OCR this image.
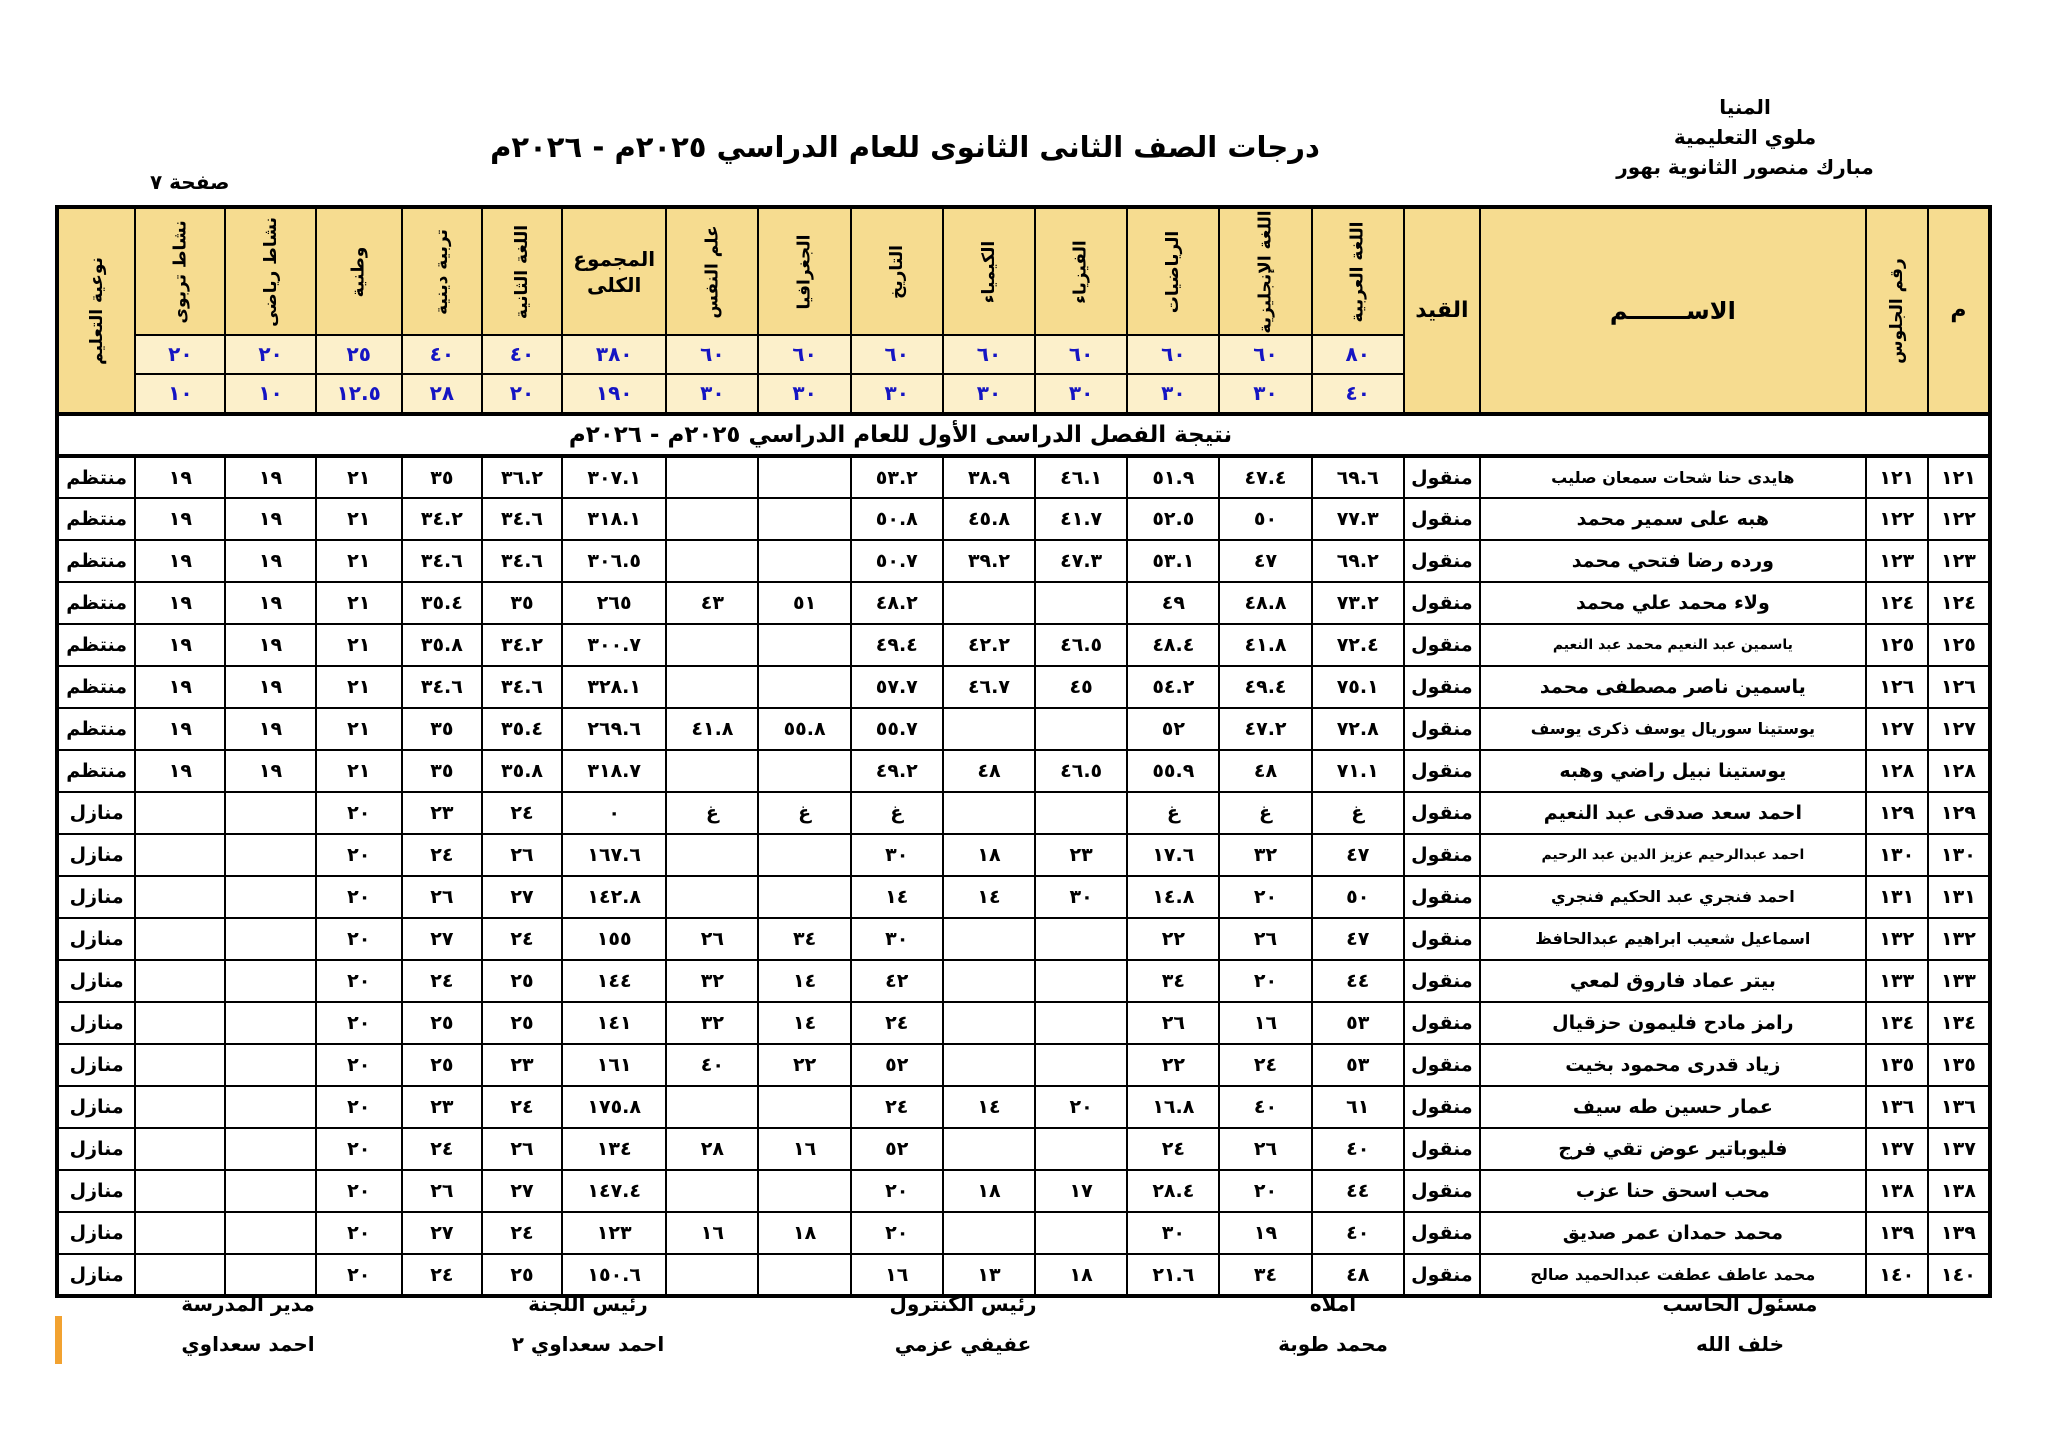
المنيا
ملوي التعليمية
مبارك منصور الثانوية بهور
درجات الصف الثانى الثانوى للعام الدراسي ٢٠٢٥م - ٢٠٢٦م
صفحة ٧
م	رقم الجلوس	الاســـــــم	القيد	اللغة العربية	اللغة الإنجليزية	الرياضيات	الفيزياء	الكيمياء	التاريخ	الجغرافيا	علم النفس	المجموع الكلى	اللغة الثانية	تربية دينية	وطنية	نشاط رياضى	نشاط تربوى	نوعية التعليم

				٨٠	٦٠	٦٠	٦٠	٦٠	٦٠	٦٠	٦٠	٣٨٠	٤٠	٤٠	٢٥	٢٠	٢٠	
				٤٠	٣٠	٣٠	٣٠	٣٠	٣٠	٣٠	٣٠	١٩٠	٢٠	٢٨	١٢.٥	١٠	١٠	
نتيجة الفصل الدراسى الأول للعام الدراسي ٢٠٢٥م - ٢٠٢٦م																		
١٢١	١٢١	هايدى حنا شحات سمعان صليب	منقول	٦٩.٦	٤٧.٤	٥١.٩	٤٦.١	٣٨.٩	٥٣.٢			٣٠٧.١	٣٦.٢	٣٥	٢١	١٩	١٩	منتظم
١٢٢	١٢٢	هبه على سمير محمد	منقول	٧٧.٣	٥٠	٥٢.٥	٤١.٧	٤٥.٨	٥٠.٨			٣١٨.١	٣٤.٦	٣٤.٢	٢١	١٩	١٩	منتظم
١٢٣	١٢٣	ورده رضا فتحي محمد	منقول	٦٩.٢	٤٧	٥٣.١	٤٧.٣	٣٩.٢	٥٠.٧			٣٠٦.٥	٣٤.٦	٣٤.٦	٢١	١٩	١٩	منتظم
١٢٤	١٢٤	ولاء محمد علي محمد	منقول	٧٣.٢	٤٨.٨	٤٩			٤٨.٢	٥١	٤٣	٢٦٥	٣٥	٣٥.٤	٢١	١٩	١٩	منتظم
١٢٥	١٢٥	ياسمين عبد النعيم محمد عبد النعيم	منقول	٧٢.٤	٤١.٨	٤٨.٤	٤٦.٥	٤٢.٢	٤٩.٤			٣٠٠.٧	٣٤.٢	٣٥.٨	٢١	١٩	١٩	منتظم
١٢٦	١٢٦	ياسمين ناصر مصطفى محمد	منقول	٧٥.١	٤٩.٤	٥٤.٢	٤٥	٤٦.٧	٥٧.٧			٣٢٨.١	٣٤.٦	٣٤.٦	٢١	١٩	١٩	منتظم
١٢٧	١٢٧	يوستينا سوريال يوسف ذكرى يوسف	منقول	٧٢.٨	٤٧.٢	٥٢			٥٥.٧	٥٥.٨	٤١.٨	٢٦٩.٦	٣٥.٤	٣٥	٢١	١٩	١٩	منتظم
١٢٨	١٢٨	يوستينا نبيل راضي وهبه	منقول	٧١.١	٤٨	٥٥.٩	٤٦.٥	٤٨	٤٩.٢			٣١٨.٧	٣٥.٨	٣٥	٢١	١٩	١٩	منتظم
١٢٩	١٢٩	احمد سعد صدقى عبد النعيم	منقول	غ	غ	غ			غ	غ	غ	٠	٢٤	٢٣	٢٠			منازل
١٣٠	١٣٠	احمد عبدالرحيم عزيز الدين عبد الرحيم	منقول	٤٧	٣٢	١٧.٦	٢٣	١٨	٣٠			١٦٧.٦	٢٦	٢٤	٢٠			منازل
١٣١	١٣١	احمد فنجري عبد الحكيم فنجري	منقول	٥٠	٢٠	١٤.٨	٣٠	١٤	١٤			١٤٢.٨	٢٧	٢٦	٢٠			منازل
١٣٢	١٣٢	اسماعيل شعيب ابراهيم عبدالحافظ	منقول	٤٧	٢٦	٢٢			٣٠	٣٤	٢٦	١٥٥	٢٤	٢٧	٢٠			منازل
١٣٣	١٣٣	بيتر عماد فاروق لمعي	منقول	٤٤	٢٠	٣٤			٤٢	١٤	٣٢	١٤٤	٢٥	٢٤	٢٠			منازل
١٣٤	١٣٤	رامز مادح فليمون حزقيال	منقول	٥٣	١٦	٢٦			٢٤	١٤	٣٢	١٤١	٢٥	٢٥	٢٠			منازل
١٣٥	١٣٥	زياد قدرى محمود بخيت	منقول	٥٣	٢٤	٢٢			٥٢	٢٢	٤٠	١٦١	٢٣	٢٥	٢٠			منازل
١٣٦	١٣٦	عمار حسين طه سيف	منقول	٦١	٤٠	١٦.٨	٢٠	١٤	٢٤			١٧٥.٨	٢٤	٢٣	٢٠			منازل
١٣٧	١٣٧	فليوباتير عوض تقي فرج	منقول	٤٠	٢٦	٢٤			٥٢	١٦	٢٨	١٣٤	٢٦	٢٤	٢٠			منازل
١٣٨	١٣٨	محب اسحق حنا عزب	منقول	٤٤	٢٠	٢٨.٤	١٧	١٨	٢٠			١٤٧.٤	٢٧	٢٦	٢٠			منازل
١٣٩	١٣٩	محمد حمدان عمر صديق	منقول	٤٠	١٩	٣٠			٢٠	١٨	١٦	١٢٣	٢٤	٢٧	٢٠			منازل
١٤٠	١٤٠	محمد عاطف عطفت عبدالحميد صالح	منقول	٤٨	٣٤	٢١.٦	١٨	١٣	١٦			١٥٠.٦	٢٥	٢٤	٢٠			منازل
مسئول الحاسب
خلف الله
املاه
محمد طوبة
رئيس الكنترول
عفيفي عزمي
رئيس اللجنة
احمد سعداوي ٢
مدير المدرسة
احمد سعداوي
